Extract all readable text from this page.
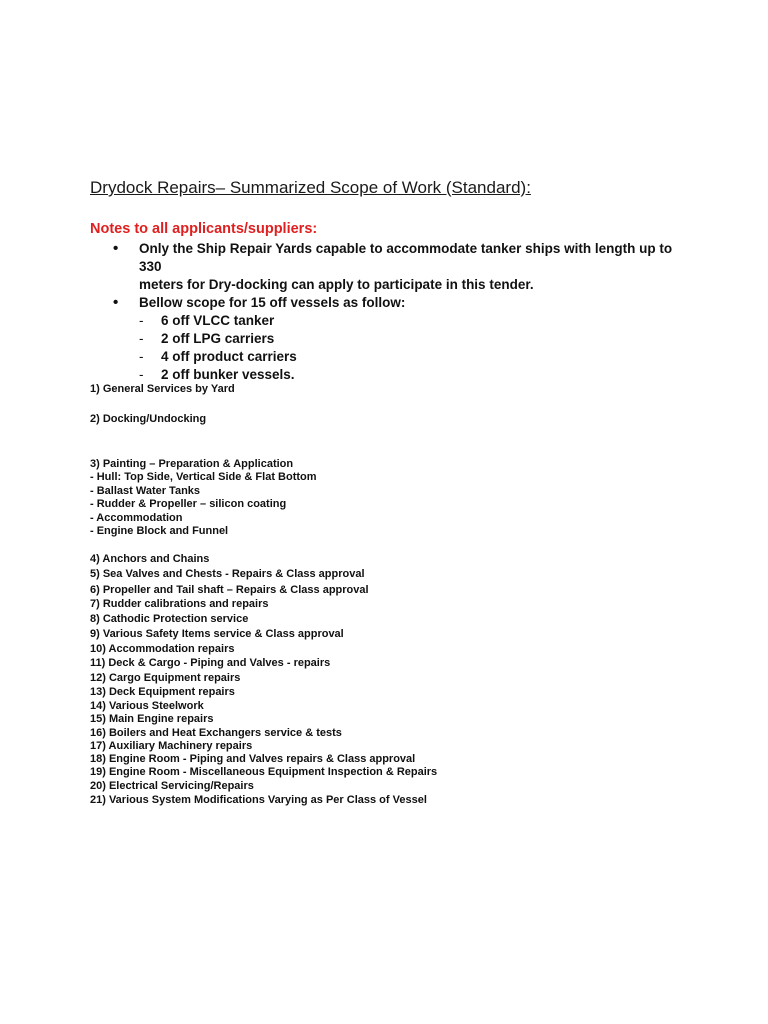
Drydock Repairs– Summarized Scope of Work (Standard):
Notes to all applicants/suppliers:
• Only the Ship Repair Yards capable to accommodate tanker ships with length up to 330
meters for Dry-docking can apply to participate in this tender.
• Bellow scope for 15 off vessels as follow:
- 6 off VLCC tanker
- 2 off LPG carriers
- 4 off product carriers
- 2 off bunker vessels.
1) General Services by Yard
2) Docking/Undocking
3) Painting – Preparation & Application
- Hull: Top Side, Vertical Side & Flat Bottom
- Ballast Water Tanks
- Rudder & Propeller – silicon coating
- Accommodation
- Engine Block and Funnel
4) Anchors and Chains
5) Sea Valves and Chests - Repairs & Class approval
6) Propeller and Tail shaft – Repairs & Class approval
7) Rudder calibrations and repairs
8) Cathodic Protection service
9) Various Safety Items service & Class approval
10) Accommodation repairs
11) Deck & Cargo - Piping and Valves - repairs
12) Cargo Equipment repairs
13) Deck Equipment repairs
14) Various Steelwork
15) Main Engine repairs
16) Boilers and Heat Exchangers service & tests
17) Auxiliary Machinery repairs
18) Engine Room - Piping and Valves repairs & Class approval
19) Engine Room - Miscellaneous Equipment Inspection & Repairs
20) Electrical Servicing/Repairs
21) Various System Modifications Varying as Per Class of Vessel
